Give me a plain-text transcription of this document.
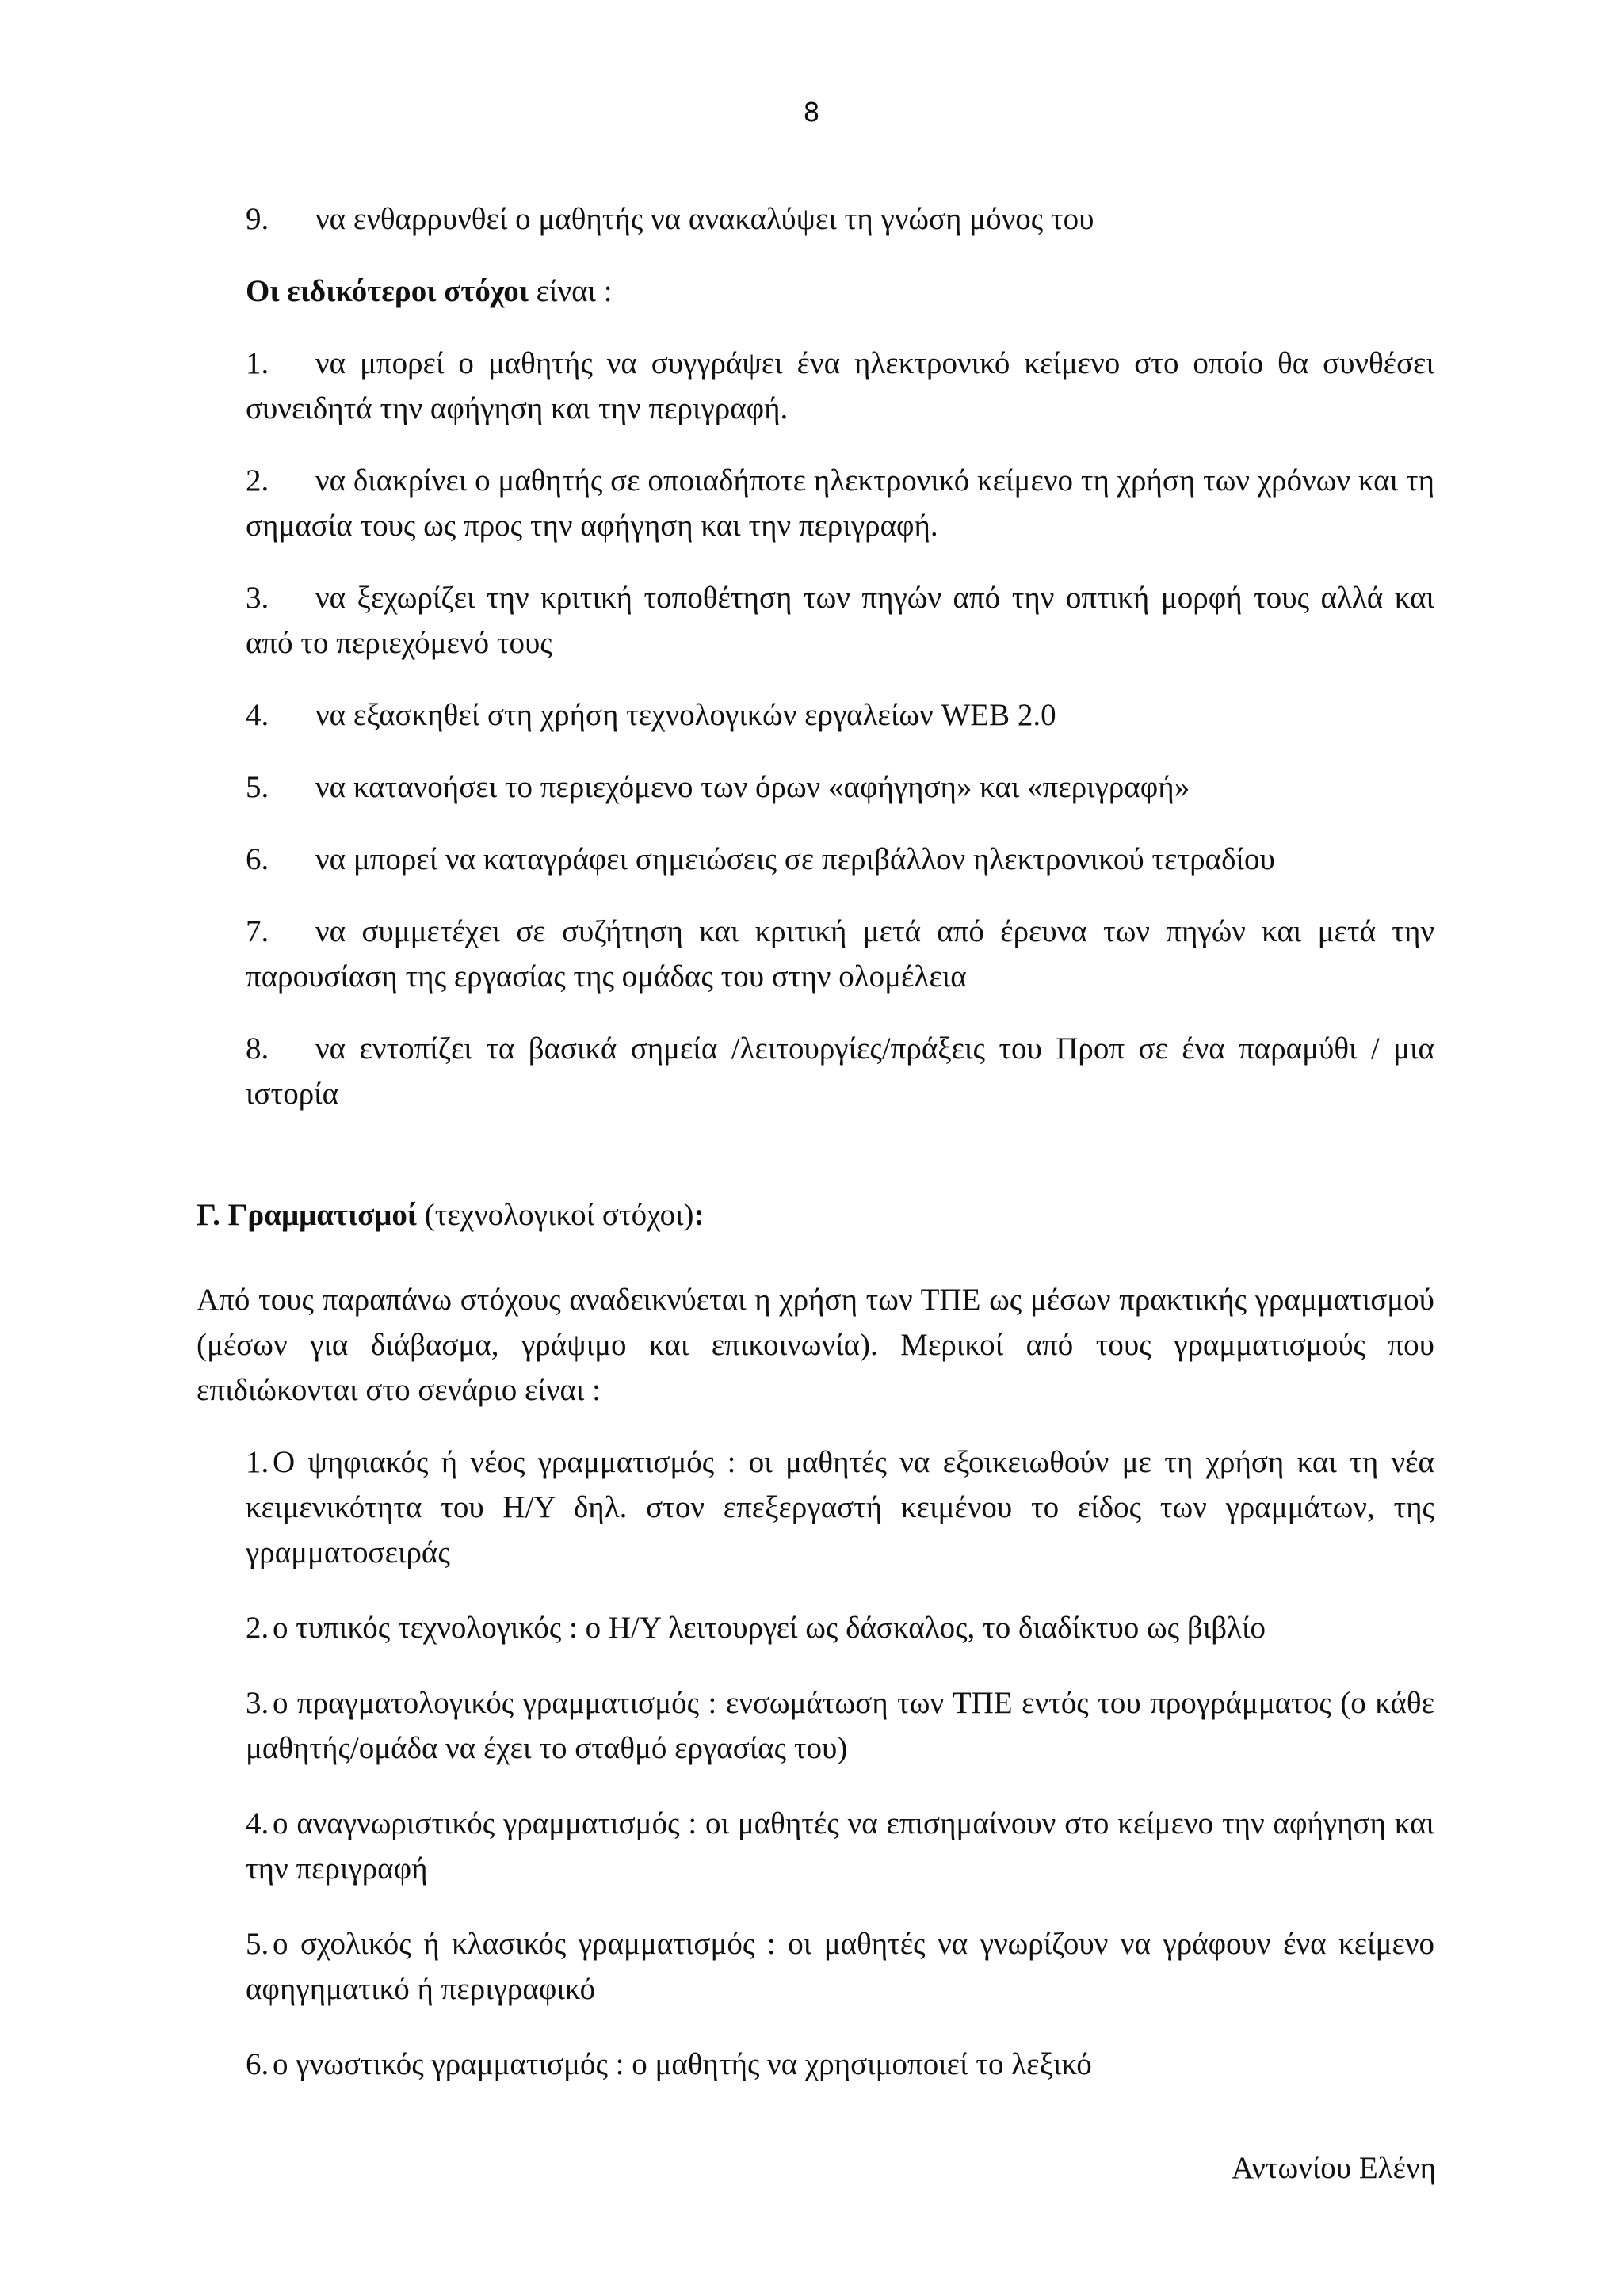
8

9. να ενθαρρυνθεί ο μαθητής να ανακαλύψει τη γνώση μόνος του

Οι ειδικότεροι στόχοι είναι :

1. να μπορεί ο μαθητής να συγγράψει ένα ηλεκτρονικό κείμενο στο οποίο θα συνθέσει συνειδητά την αφήγηση και την περιγραφή.

2. να διακρίνει ο μαθητής σε οποιαδήποτε ηλεκτρονικό κείμενο τη χρήση των χρόνων και τη σημασία τους ως προς την αφήγηση και την περιγραφή.

3. να ξεχωρίζει την κριτική τοποθέτηση των πηγών από την οπτική μορφή τους αλλά και από το περιεχόμενό τους

4. να εξασκηθεί στη χρήση τεχνολογικών εργαλείων WEB 2.0

5. να κατανοήσει το περιεχόμενο των όρων «αφήγηση» και «περιγραφή»

6. να μπορεί να καταγράφει σημειώσεις σε περιβάλλον ηλεκτρονικού τετραδίου

7. να συμμετέχει σε συζήτηση και κριτική μετά από έρευνα των πηγών και μετά την παρουσίαση της εργασίας της ομάδας του στην ολομέλεια

8. να εντοπίζει τα βασικά σημεία /λειτουργίες/πράξεις του Προπ σε ένα παραμύθι / μια ιστορία

Γ. Γραμματισμοί (τεχνολογικοί στόχοι):

Από τους παραπάνω στόχους αναδεικνύεται η χρήση των ΤΠΕ ως μέσων πρακτικής γραμματισμού (μέσων για διάβασμα, γράψιμο και επικοινωνία). Μερικοί από τους γραμματισμούς που επιδιώκονται στο σενάριο είναι :

1. Ο ψηφιακός ή νέος γραμματισμός : οι μαθητές να εξοικειωθούν με τη χρήση και τη νέα κειμενικότητα του Η/Υ δηλ. στον επεξεργαστή κειμένου το είδος των γραμμάτων, της γραμματοσειράς

2. ο τυπικός τεχνολογικός : ο Η/Υ λειτουργεί ως δάσκαλος, το διαδίκτυο ως βιβλίο

3. ο πραγματολογικός γραμματισμός : ενσωμάτωση των ΤΠΕ εντός του προγράμματος (ο κάθε μαθητής/ομάδα να έχει το σταθμό εργασίας του)

4. ο αναγνωριστικός γραμματισμός : οι μαθητές να επισημαίνουν στο κείμενο την αφήγηση και την περιγραφή

5. ο σχολικός ή κλασικός γραμματισμός : οι μαθητές να γνωρίζουν να γράφουν ένα κείμενο αφηγηματικό ή περιγραφικό

6. ο γνωστικός γραμματισμός : ο μαθητής να χρησιμοποιεί το λεξικό

Αντωνίου Ελένη
